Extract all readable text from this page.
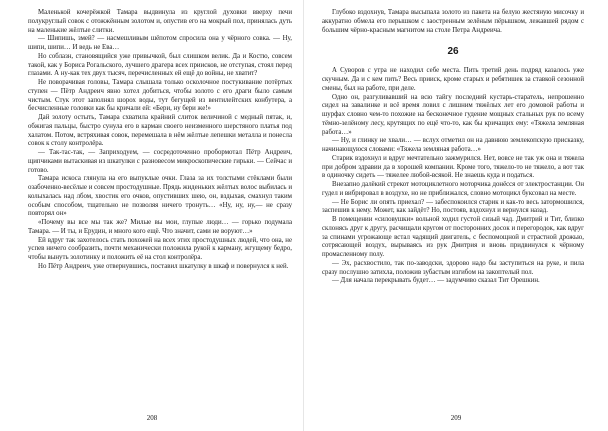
Маленькой кочерёжкой Тамара выдвинула из круглой духовки вверху печи полукруглый совок с отожжённым золотом и, опустив его на мокрый пол, принялась дуть на маленькие жёлтые слитки.

— Шипишь, змей? — насмешливым шёпотом спросила она у чёрного совка. — Ну, шипи, шипи… И ведь не Ева…

Но соблазн, становящийся уже привычкой, был слишком велик. Да и Костю, совсем такой, как у Бориса Рогальского, лучшего драгера всех приисков, не отступая, стоял перед глазами. А ну-как тех двух тысяч, перечисленных ей ещё до войны, не хватит?

Не поворачивая головы, Тамара слышала только осколочное постукивание потёртых ступен — Пётр Андреич явно хотел добиться, чтобы золото с его драги было самым чистым. Стук этот заполнял шорох воды, тут бегущей из вентилейтских конбутера, а бесчисленные головки как бы кричали ей: «Бери, ну бери же!»

Дай золоту остыть, Тамара схватила крайний слиток величиной с медный пятак, и, обжигая пальцы, быстро сунула его в карман своего неизменного шерстяного платья под халатом. Потом, встряхивая совок, перемешала в нём жёлтые лепешки металла и понесла совок к столу контролёра.

— Так-тас-так, — Заприходуем, — сосредоточенно пробормотал Пётр Андреич, щипчиками вытаскивая из шкатулки с разновесом микроскопические гирьки. — Сейчас и готово.

Тамара искоса глянула на его выпуклые очки. Глаза за их толстыми стёклами были озабоченно-весёлые и совсем простодушные. Прядь жиденьких жёлтых волос выбилась и колыхалась над лбом, хвостик его очков, опустивших шею, он, вздыхая, смахнул таким особым способом, тщательно не позволяя ничего тронуть… «Ну, ну, ну,— не сразу повторял он»

«Почему вы все мы так же? Милые вы мои, глупые люди… — горько подумала Тамара. — И ты, и Ерудин, и много кого ещё. Что значит, сами не воруют…»

Ей вдруг так захотелось стать похожей на всех этих простодушных людей, что она, не успев ничего сообразить, почти механически положила рукой к карману, жгущему бедро, чтобы вынуть золотинку и положить её на стол контролёра.

Но Пётр Андреич, уже отвернувшись, поставил шкатулку в шкаф и повернулся к ней.

208

Глубоко вздохнув, Тамара высыпала золото из пакета на белую жестяную мисочку и аккуратно обмела его перышком с заостренным зелёным пёрышком, лежавшей рядом с большим чёрно-красным магнитом на столе Петра Андреича.

26

А Суворов с утра не находил себе места. Пить третий день подряд казалось уже скучным. Да и с кем пить? Весь прииск, кроме старых и ребятишек за ставкой сезонной смены, был на работе, при деле.

Одно он, разгуливавший на всю тайгу последний кустарь-старатель, непрошенно сидел на завалинке и всё время ловил с лишним тяжёлых лет его домовой работы и шурфах словно чем-то похожие на бесконечное гудение мощных стальных рук по всему тёмно-зелёному лесу, крутящих по ещё что-то, как бы кричащих ему: «Тяжела земляная работа…»

— Ну, и глинку не хвали… — вслух отметил он на давнюю землекопскую присказку, начинающуюся словами: «Тяжела земляная работа…»

Старик вздохнул и вдруг мечтательно зажмурился. Нет, вовсе не так уж она и тяжела при добром здравии да в хорошей компании. Кроме того, тяжело-то не тяжело, а вот так в одиночку сидеть — тяжелее любой-всякой. Не знаешь куда и податься.

Внезапно далёкий стрекот мотоциклетного моторчика донёсся от электростанции. Он гудел и вибрировал в воздухе, но не приближался, словно мотоцикл буксовал на месте.

— Не Борис ли опять приехал? — забеспокоился старик и как-то весь затормошился, заспешив к нему. Может, как зайдёт? Но, постояв, вздохнул и вернулся назад.

В помещении «силовушки» вольной ходил густой сизый чад. Дмитрий и Тит, близко склонясь друг к другу, расчищали кругом от посторонних досок и перегородок, как вдруг за спинами угрожающе встал чадящий двигатель, с беспомощной и страстной дрожью, сотрясающей воздух, вырываясь из рук Дмитрия и вновь придвинулся к чёрному промасленному полу.

— Эх, расхвостило, так по-заводски, здорово надо бы заступиться на руке, и пила сразу послушно затихла, положив зубастым изгибом на закоптелый пол.

— Для начала перекрывать будет… — задумчиво сказал Тит Орешкин.

209
